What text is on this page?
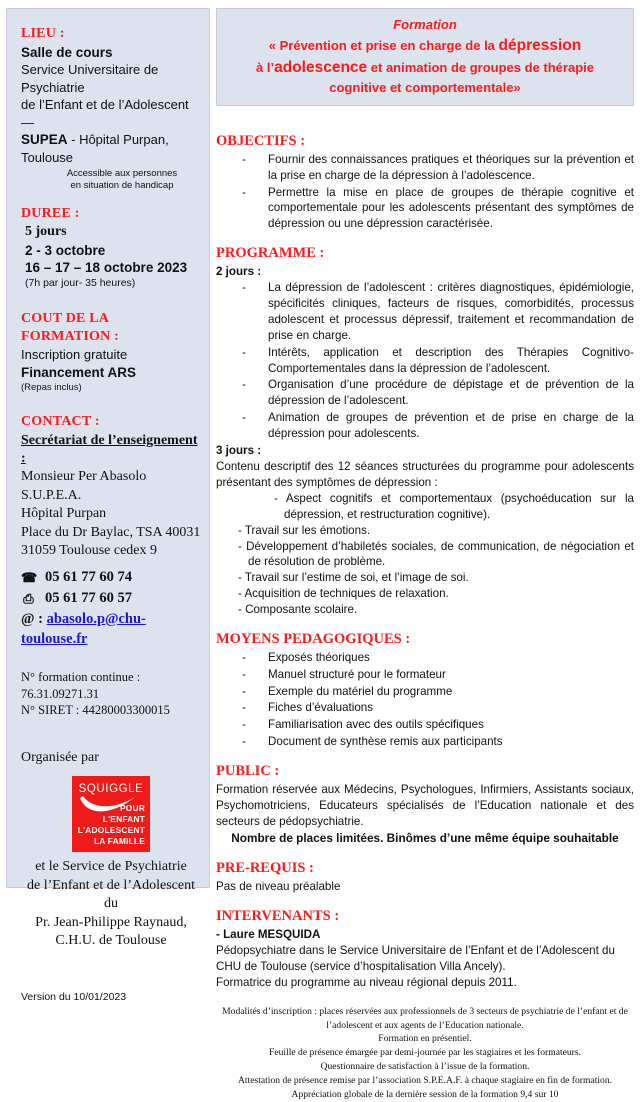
LIEU :
Salle de cours
Service Universitaire de Psychiatrie
de l’Enfant et de l’Adolescent —
SUPEA - Hôpital Purpan,
Toulouse
Accessible aux personnes
en situation de handicap
DUREE :
5 jours
2 - 3 octobre
16 – 17 – 18 octobre 2023
(7h par jour- 35 heures)
COUT DE LA FORMATION :
Inscription gratuite
Financement ARS
(Repas inclus)
CONTACT :
Secrétariat de l’enseignement :
Monsieur Per Abasolo
S.U.P.E.A.
Hôpital Purpan
Place du Dr Baylac, TSA 40031
31059 Toulouse cedex 9
☎ 05 61 77 60 74
⎙ 05 61 77 60 57
@ : abasolo.p@chu-toulouse.fr
N° formation continue : 76.31.09271.31
N° SIRET : 44280003300015
Organisée par
SQUIGGLE
POUR
L'ENFANT
L'ADOLESCENT
LA FAMILLE
et le Service de Psychiatrie
de l’Enfant et de l’Adolescent du
Pr. Jean-Philippe Raynaud,
C.H.U. de Toulouse
Version du 10/01/2023
Formation
« Prévention et prise en charge de la dépression
à l’adolescence et animation de groupes de thérapie
cognitive et comportementale»
OBJECTIFS :
- Fournir des connaissances pratiques et théoriques sur la prévention et la prise en charge de la dépression à l’adolescence.
- Permettre la mise en place de groupes de thérapie cognitive et comportementale pour les adolescents présentant des symptômes de dépression ou une dépression caractérisée.
PROGRAMME :
2 jours :
- La dépression de l’adolescent : critères diagnostiques, épidémiologie, spécificités cliniques, facteurs de risques, comorbidités, processus adolescent et processus dépressif, traitement et recommandation de prise en charge.
- Intérêts, application et description des Thérapies Cognitivo-Comportementales dans la dépression de l’adolescent.
- Organisation d’une procédure de dépistage et de prévention de la dépression de l’adolescent.
- Animation de groupes de prévention et de prise en charge de la dépression pour adolescents.
3 jours :
Contenu descriptif des 12 séances structurées du programme pour adolescents présentant des symptômes de dépression :
- Aspect cognitifs et comportementaux (psychoéducation sur la dépression, et restructuration cognitive).
- Travail sur les émotions.
- Développement d’habiletés sociales, de communication, de négociation et de résolution de problème.
- Travail sur l’estime de soi, et l’image de soi.
- Acquisition de techniques de relaxation.
- Composante scolaire.
MOYENS PEDAGOGIQUES :
- Exposés théoriques
- Manuel structuré pour le formateur
- Exemple du matériel du programme
- Fiches d’évaluations
- Familiarisation avec des outils spécifiques
- Document de synthèse remis aux participants
PUBLIC :
Formation réservée aux Médecins, Psychologues, Infirmiers, Assistants sociaux, Psychomotriciens, Educateurs spécialisés de l’Education nationale et des secteurs de pédopsychiatrie.
Nombre de places limitées. Binômes d’une même équipe souhaitable
PRE-REQUIS :
Pas de niveau préalable
INTERVENANTS :
- Laure MESQUIDA
Pédopsychiatre dans le Service Universitaire de l’Enfant et de l’Adolescent du CHU de Toulouse (service d’hospitalisation Villa Ancely).
Formatrice du programme au niveau régional depuis 2011.
Modalités d’inscription : places réservées aux professionnels de 3 secteurs de psychiatrie de l’enfant et de
l’adolescent et aux agents de l’Education nationale.
Formation en présentiel.
Feuille de présence émargée par demi-journée par les stagiaires et les formateurs.
Questionnaire de satisfaction à l’issue de la formation.
Attestation de présence remise par l’association S.P.E.A.F. à chaque stagiaire en fin de formation.
Appréciation globale de la dernière session de la formation 9,4 sur 10
